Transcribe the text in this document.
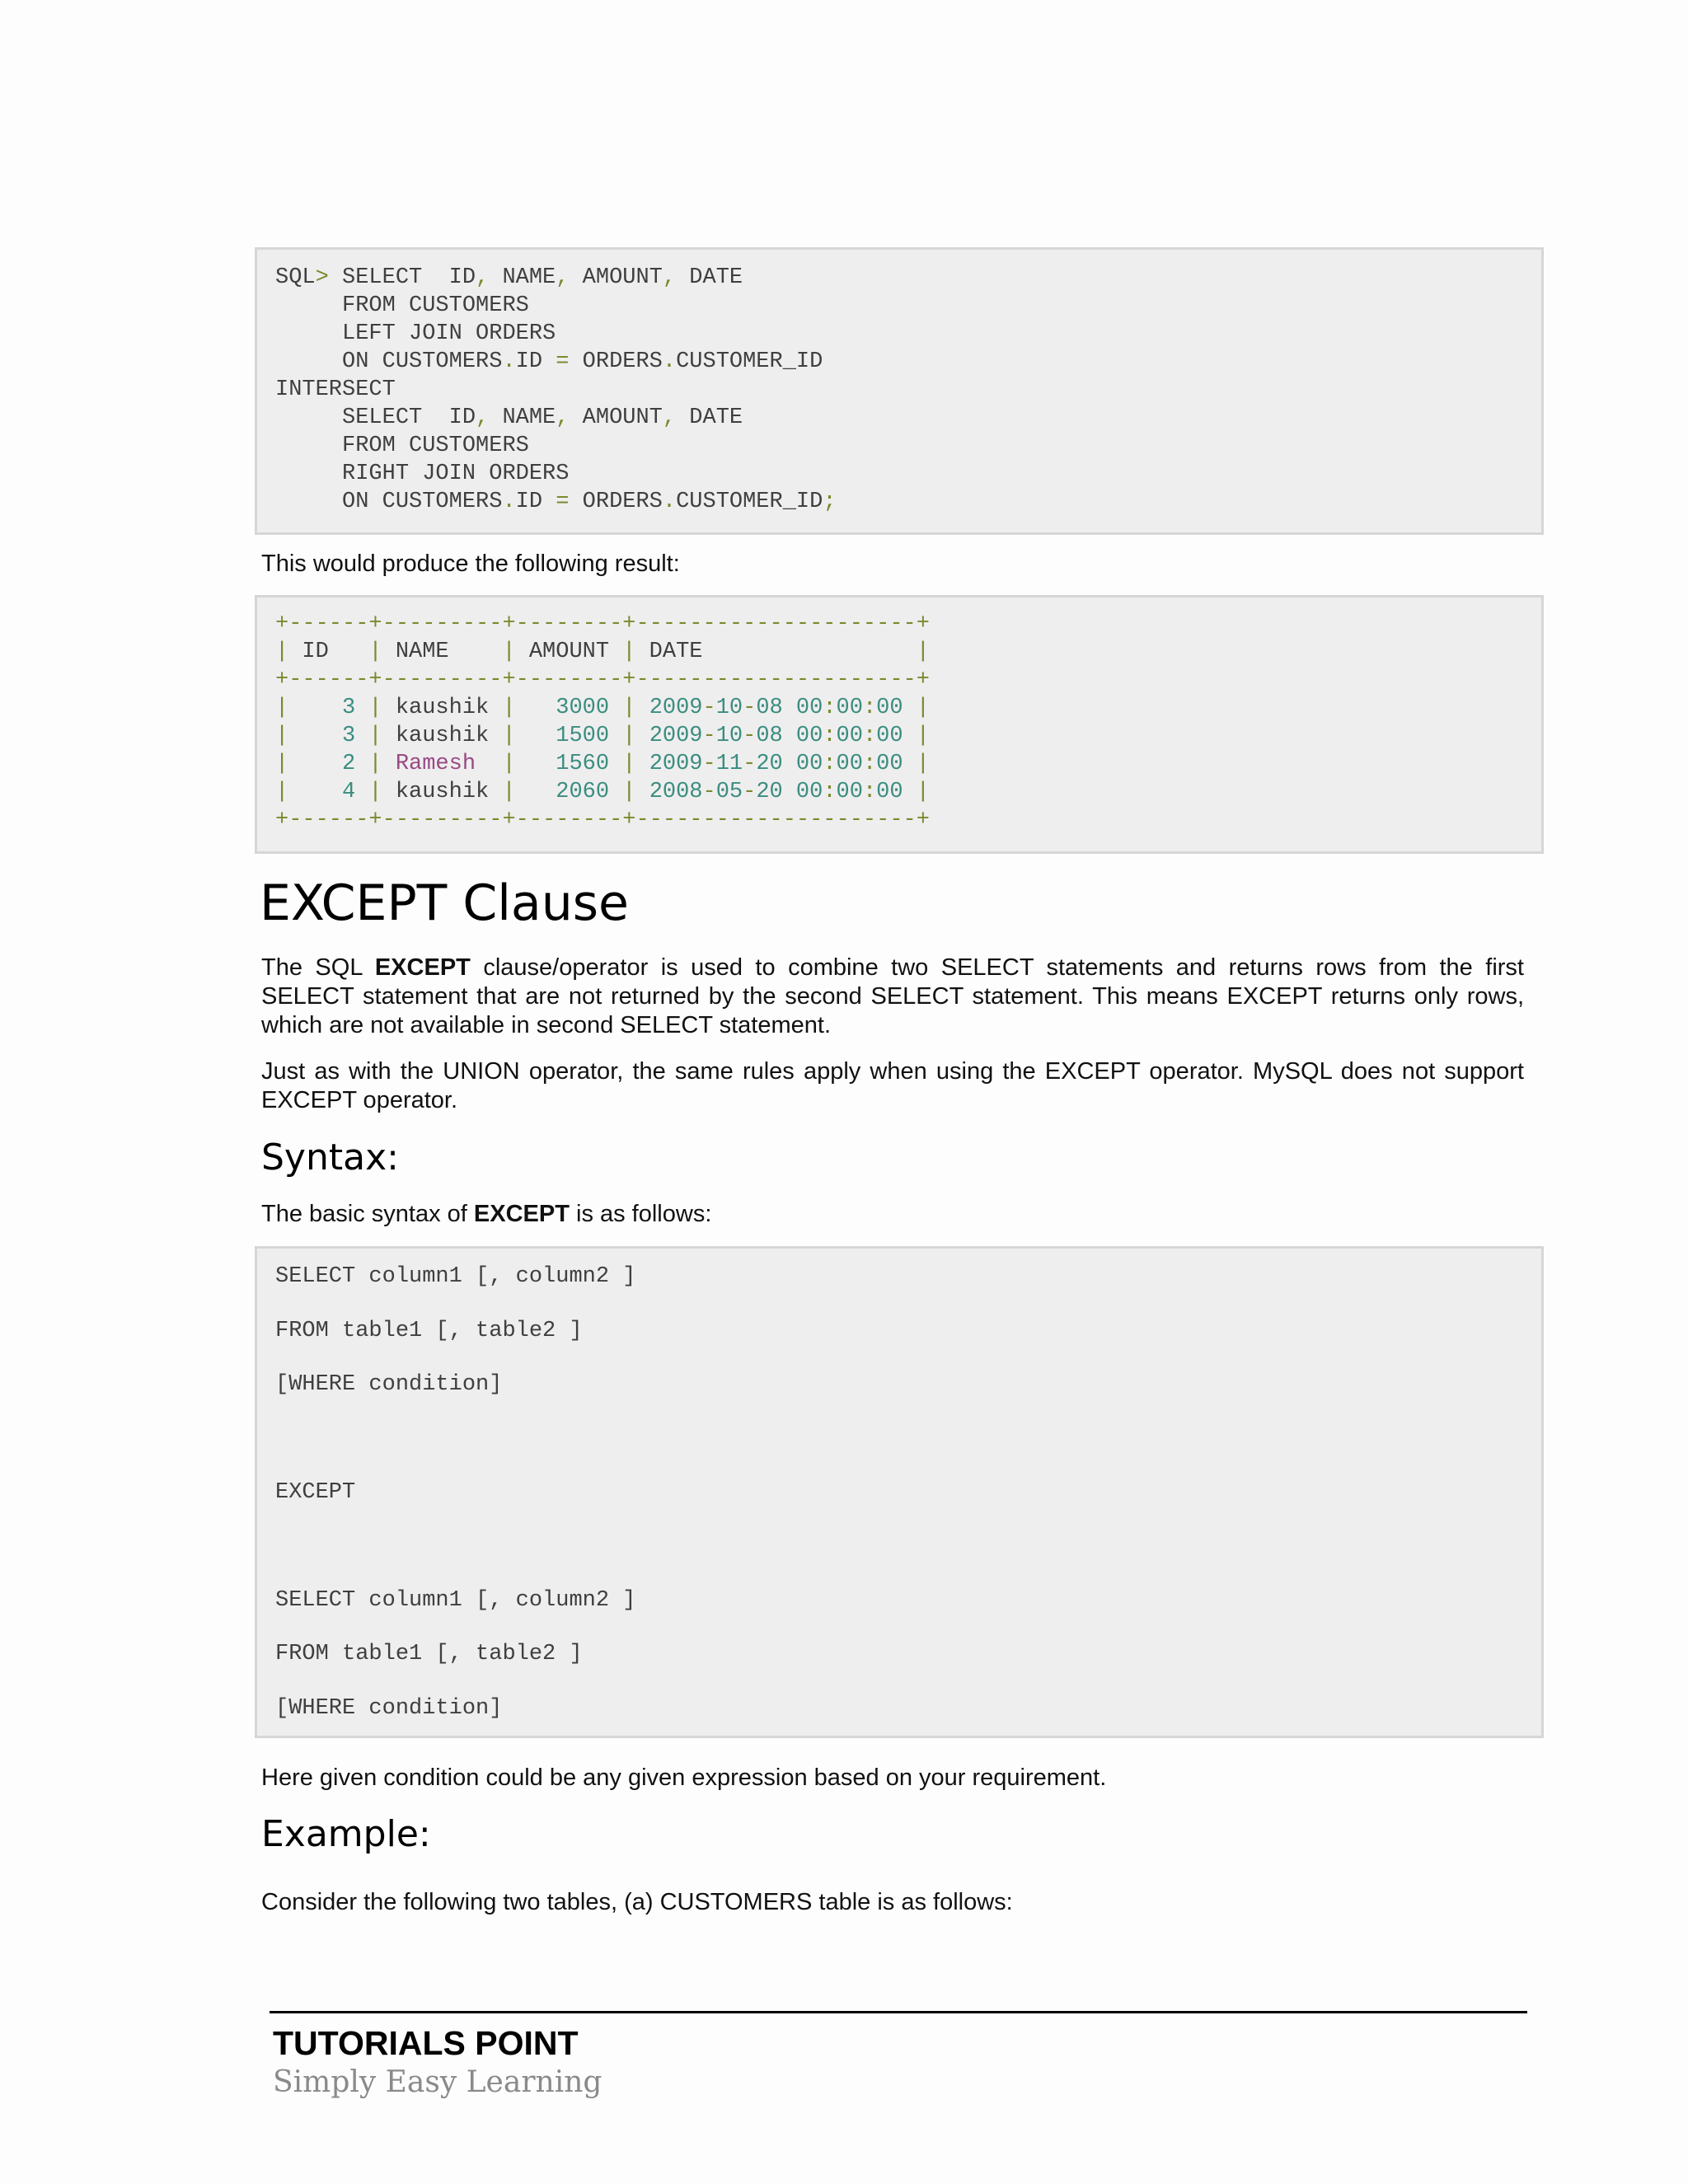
SQL> SELECT  ID, NAME, AMOUNT, DATE
FROM CUSTOMERS
LEFT JOIN ORDERS
ON CUSTOMERS.ID = ORDERS.CUSTOMER_ID
INTERSECT
SELECT  ID, NAME, AMOUNT, DATE
FROM CUSTOMERS
RIGHT JOIN ORDERS
ON CUSTOMERS.ID = ORDERS.CUSTOMER_ID;

This would produce the following result:

+------+---------+--------+---------------------+
| ID   | NAME    | AMOUNT | DATE                |
+------+---------+--------+---------------------+
|    3 | kaushik |   3000 | 2009-10-08 00:00:00 |
|    3 | kaushik |   1500 | 2009-10-08 00:00:00 |
|    2 | Ramesh |   1560 | 2009-11-20 00:00:00 |
|    4 | kaushik |   2060 | 2008-05-20 00:00:00 |
+------+---------+--------+---------------------+
EXCEPT Clause

The SQL EXCEPT clause/operator is used to combine two SELECT statements and returns rows from the first SELECT statement that are not returned by the second SELECT statement. This means EXCEPT returns only rows, which are not available in second SELECT statement.

Just as with the UNION operator, the same rules apply when using the EXCEPT operator. MySQL does not support EXCEPT operator.

Syntax:

The basic syntax of EXCEPT is as follows:

SELECT column1 [, column2 ]
FROM table1 [, table2 ]
[WHERE condition]
EXCEPT
SELECT column1 [, column2 ]
FROM table1 [, table2 ]
[WHERE condition]

Here given condition could be any given expression based on your requirement.

Example:

Consider the following two tables, (a) CUSTOMERS table is as follows:

TUTORIALS POINT
Simply Easy Learning
